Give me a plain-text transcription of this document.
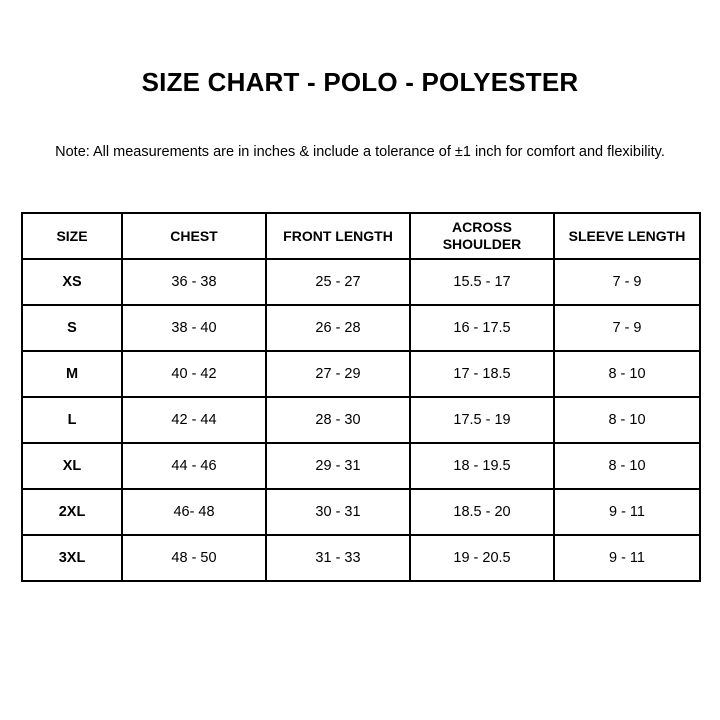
SIZE CHART - POLO - POLYESTER
Note: All measurements are in inches & include a tolerance of ±1 inch for comfort and flexibility.
SIZE	CHEST	FRONT LENGTH	ACROSS SHOULDER	SLEEVE LENGTH
XS	36 - 38	25 - 27	15.5 - 17	7 - 9
S	38 - 40	26 - 28	16 - 17.5	7 - 9
M	40 - 42	27 - 29	17 - 18.5	8 - 10
L	42 - 44	28 - 30	17.5 - 19	8 - 10
XL	44 - 46	29 - 31	18 - 19.5	8 - 10
2XL	46- 48	30 - 31	18.5 - 20	9 - 11
3XL	48 - 50	31 - 33	19 - 20.5	9 - 11
